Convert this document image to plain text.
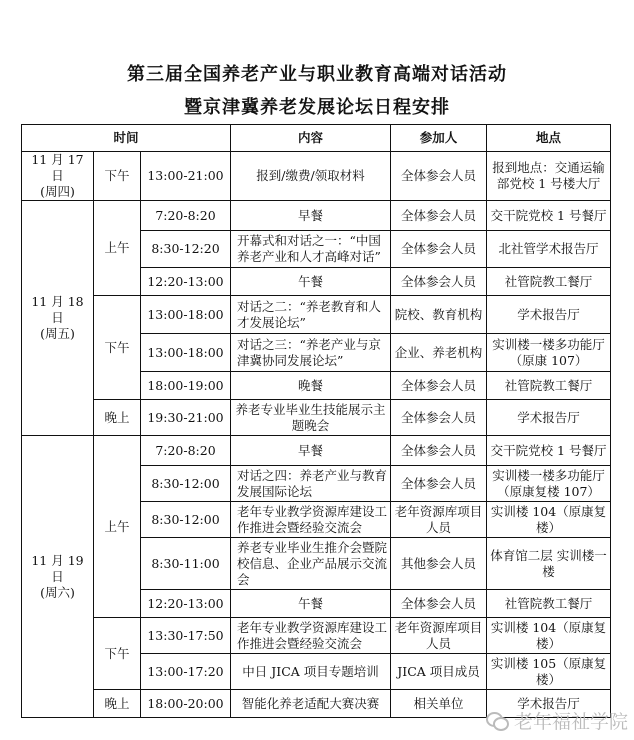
第三届全国养老产业与职业教育高端对话活动
暨京津冀养老发展论坛日程安排
时间			内容	参加人	地点
11 月 17 日
(周四)	下午	13:00-21:00	报到/缴费/领取材料	全体参会人员	报到地点：交通运输部党校 1 号楼大厅
11 月 18 日
(周五)	上午	7:20-8:20	早餐	全体参会人员	交干院党校 1 号餐厅
		8:30-12:20	开幕式和对话之一：“中国养老产业和人才高峰对话”	全体参会人员	北社管学术报告厅
		12:20-13:00	午餐	全体参会人员	社管院教工餐厅
	下午	13:00-18:00	对话之二：“养老教育和人才发展论坛”	院校、教育机构	学术报告厅
		13:00-18:00	对话之三：“养老产业与京津冀协同发展论坛”	企业、养老机构	实训楼一楼多功能厅（原康 107）
		18:00-19:00	晚餐	全体参会人员	社管院教工餐厅
	晚上	19:30-21:00	养老专业毕业生技能展示主题晚会	全体参会人员	学术报告厅
11 月 19 日
(周六)	上午	7:20-8:20	早餐	全体参会人员	交干院党校 1 号餐厅
		8:30-12:00	对话之四：养老产业与教育发展国际论坛	全体参会人员	实训楼一楼多功能厅（原康复楼 107）
		8:30-12:00	老年专业教学资源库建设工作推进会暨经验交流会	老年资源库项目人员	实训楼 104（原康复楼）
		8:30-11:00	养老专业毕业生推介会暨院校信息、企业产品展示交流会	其他参会人员	体育馆二层 实训楼一楼
		12:20-13:00	午餐	全体参会人员	社管院教工餐厅
	下午	13:30-17:50	老年专业教学资源库建设工作推进会暨经验交流会	老年资源库项目人员	实训楼 104（原康复楼）
		13:00-17:20	中日 JICA 项目专题培训	JICA 项目成员	实训楼 105（原康复楼）
	晚上	18:00-20:00	智能化养老适配大赛决赛	相关单位	学术报告厅
老年福祉学院
